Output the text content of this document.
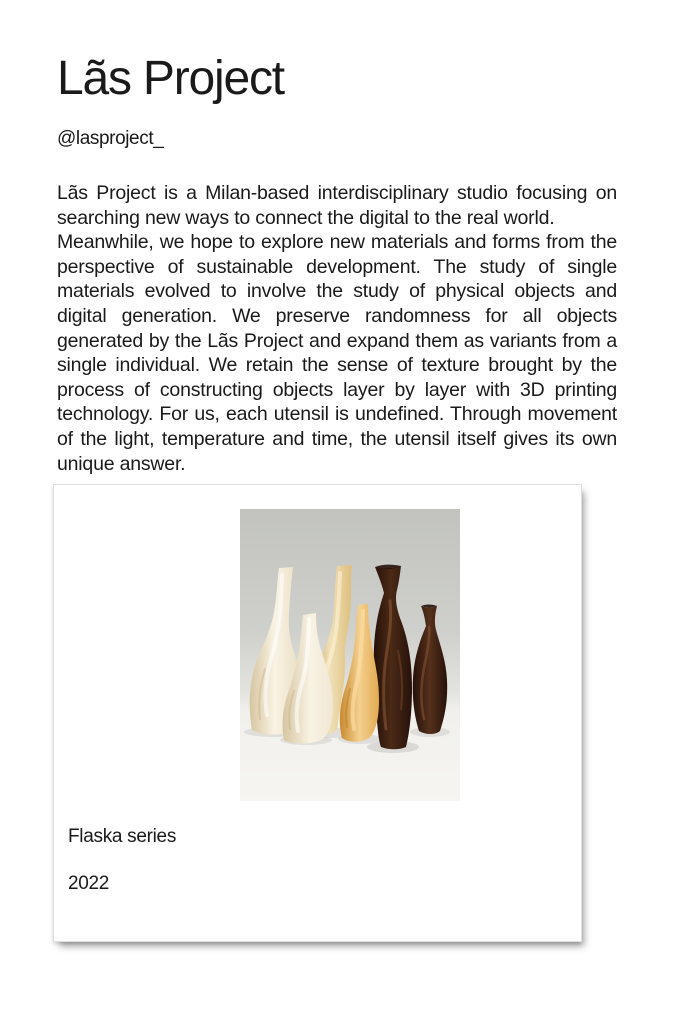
Lãs Project
@lasproject_

Lãs Project is a Milan-based interdisciplinary studio focusing on searching new ways to connect the digital to the real world.

Meanwhile, we hope to explore new materials and forms from the perspective of sustainable development. The study of single materials evolved to involve the study of physical objects and digital generation. We preserve randomness for all objects generated by the Lãs Project and expand them as variants from a single individual. We retain the sense of texture brought by the process of constructing objects layer by layer with 3D printing technology. For us, each utensil is undefined. Through movement of the light, temperature and time, the utensil itself gives its own unique answer.

Flaska series
2022
